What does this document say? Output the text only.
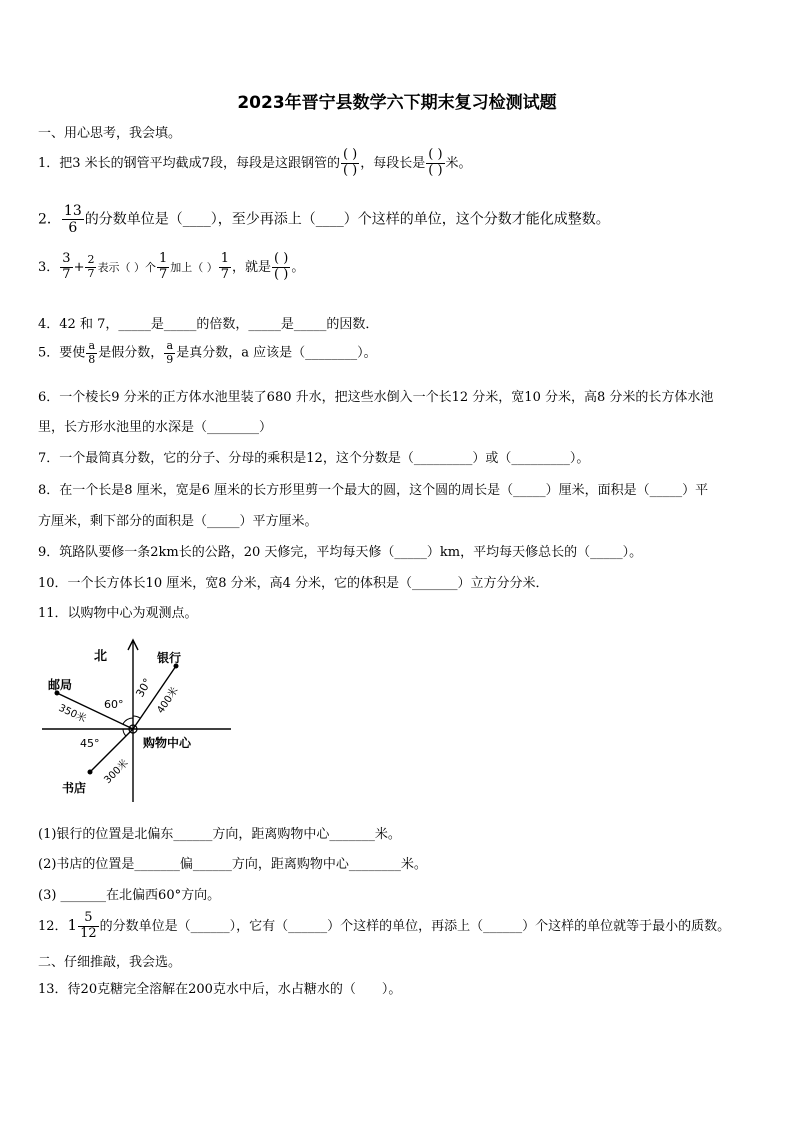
2023年晋宁县数学六下期末复习检测试题
一、用心思考，我会填。
1．把3 米长的钢管平均截成7段，每段是这跟钢管的 $\frac{( )}{( )}$ ，每段长是 $\frac{( )}{( )}$ 米。
2． $\frac{13}{6}$ 的分数单位是（____），至少再添上（____）个这样的单位，这个分数才能化成整数。
3． $\frac{3}{7} + \frac{2}{7}$ 表示（ ）个 $\frac{1}{7}$ 加上（ ） $\frac{1}{7}$ ，就是 $\frac{( )}{( )}$ 。
4．42 和 7，_____是_____的倍数，_____是_____的因数．
5．要使 $\frac{a}{8}$ 是假分数， $\frac{a}{9}$ 是真分数，a 应该是（________）。
6．一个棱长9 分米的正方体水池里装了680 升水，把这些水倒入一个长12 分米，宽10 分米，高8 分米的长方体水池
里，长方形水池里的水深是（________）
7．一个最简真分数，它的分子、分母的乘积是12，这个分数是（_________）或（_________）。
8．在一个长是8 厘米，宽是6 厘米的长方形里剪一个最大的圆，这个圆的周长是（_____）厘米，面积是（_____）平
方厘米，剩下部分的面积是（_____）平方厘米。
9．筑路队要修一条2km长的公路，20 天修完，平均每天修（_____）km，平均每天修总长的（_____）。
10．一个长方体长10 厘米，宽8 分米，高4 分米，它的体积是（_______）立方分分米．
11．以购物中心为观测点。
北	银行
邮局
购物中心
书店
60°
30°
45°
350米	400米
300米
(1)银行的位置是北偏东______方向，距离购物中心_______米。
(2)书店的位置是_______偏______方向，距离购物中心________米。
(3) _______在北偏西60°方向。
12．$1 \frac{5}{12}$ 的分数单位是（______），它有（______）个这样的单位，再添上（______）个这样的单位就等于最小的质数。
二、仔细推敲，我会选。
13．待20克糖完全溶解在200克水中后，水占糖水的（　　）。
